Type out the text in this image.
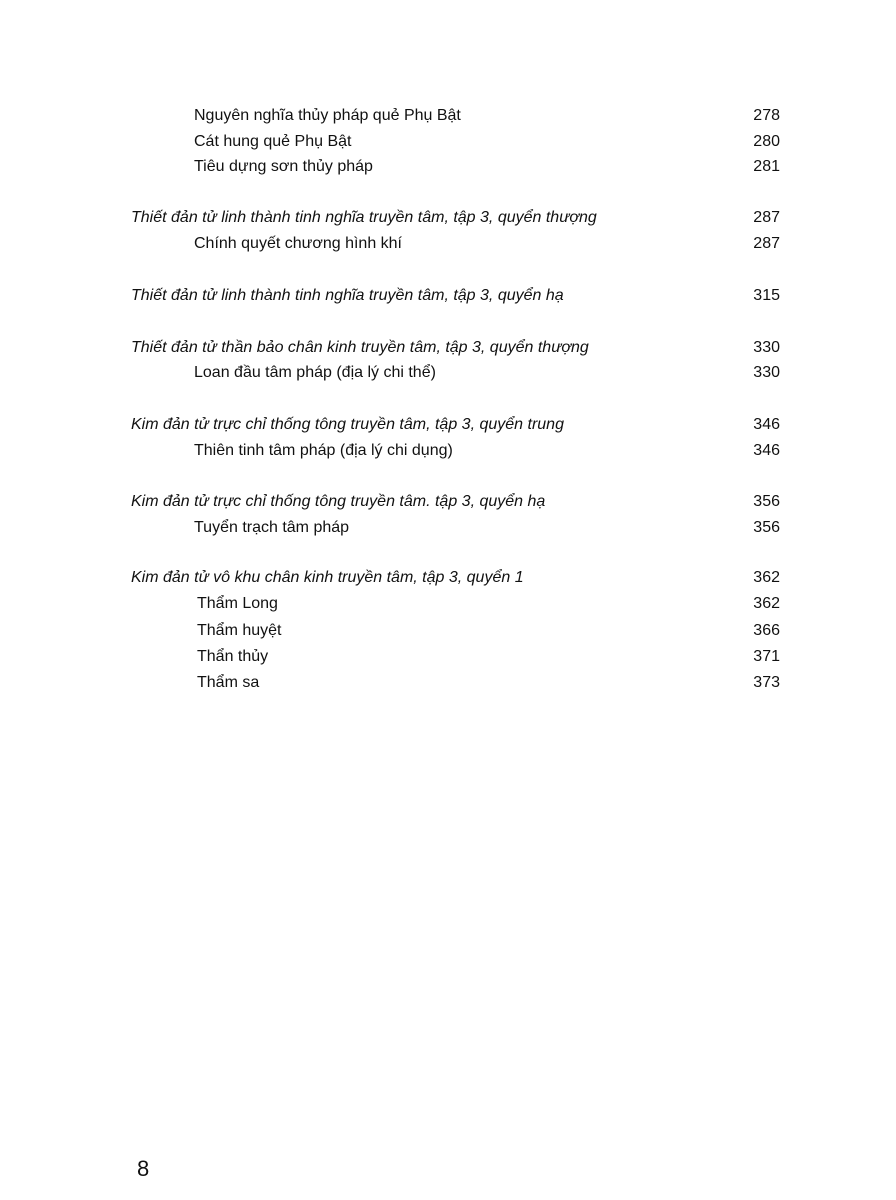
Nguyên nghĩa thủy pháp quẻ Phụ Bật	278
Cát hung quẻ Phụ Bật	280
Tiêu dựng sơn thủy pháp	281
Thiết đản tử linh thành tinh nghĩa truyền tâm, tập 3, quyển thượng	287
Chính quyết chương hình khí	287
Thiết đản tử linh thành tinh nghĩa truyền tâm, tập 3, quyển hạ	315
Thiết đản tử thần bảo chân kinh truyền tâm, tập 3, quyển thượng	330
Loan đầu tâm pháp (địa lý chi thể)	330
Kim đản tử trực chỉ thống tông truyền tâm, tập 3, quyển trung	346
Thiên tinh tâm pháp (địa lý chi dụng)	346
Kim đản tử trực chỉ thống tông truyền tâm. tập 3, quyển hạ	356
Tuyển trạch tâm pháp	356
Kim đản tử vô khu chân kinh truyền tâm, tập 3, quyển 1	362
Thẩm Long	362
Thẩm huyệt	366
Thẩn thủy	371
Thẩm sa	373
8
